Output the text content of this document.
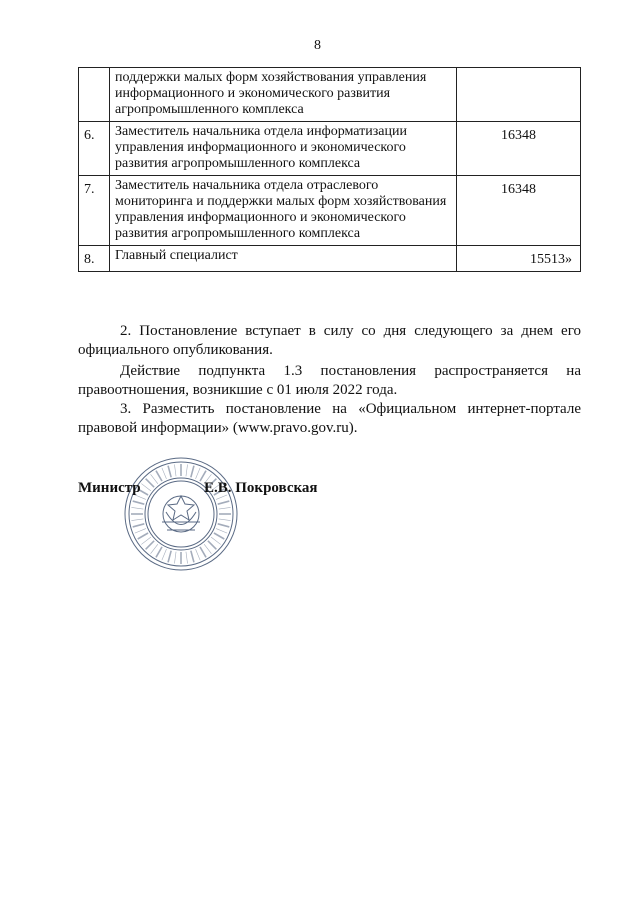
8
	поддержки малых форм хозяйствования управления информационного и экономического развития агропромышленного комплекса	
6.	Заместитель начальника отдела информатизации управления информационного и экономического развития агропромышленного комплекса	16348
7.	Заместитель начальника отдела отраслевого мониторинга и поддержки малых форм хозяйствования управления информационного и экономического развития агропромышленного комплекса	16348
8.	Главный специалист	15513»
2. Постановление вступает в силу со дня следующего за днем его
официального опубликования.
Действие подпункта 1.3 постановления распространяется на
правоотношения, возникшие с 01 июля 2022 года.
3. Разместить постановление на «Официальном интернет-портале
правовой информации» (www.pravo.gov.ru).
Министр	Е.В. Покровская
